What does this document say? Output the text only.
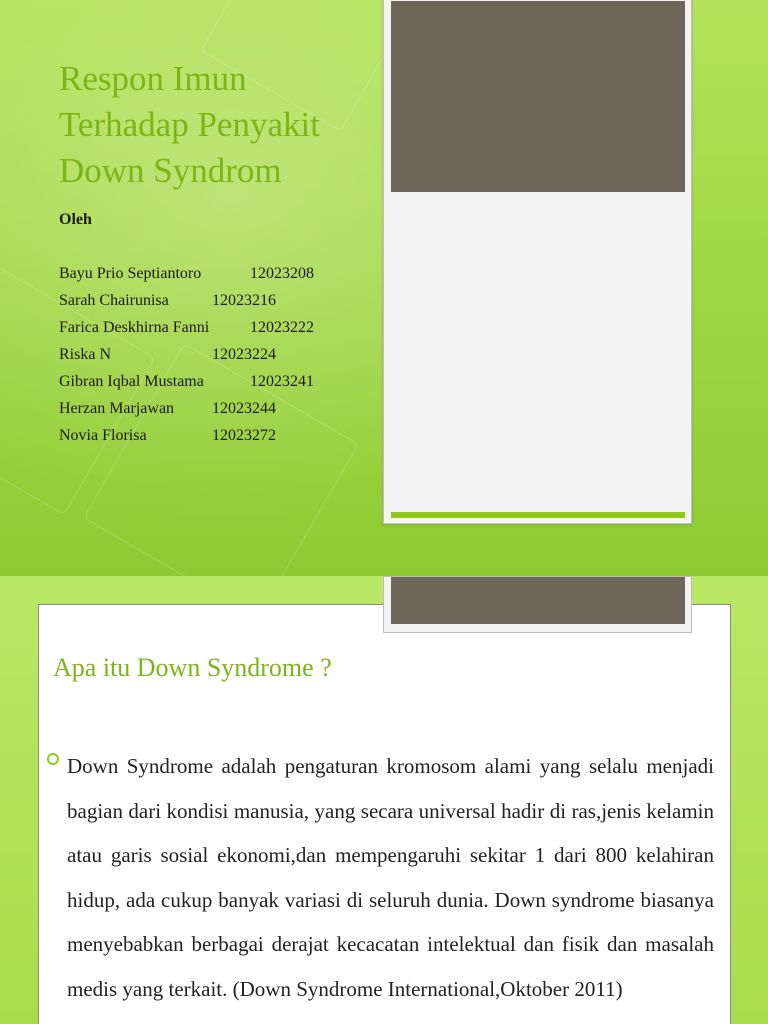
Respon Imun Terhadap Penyakit Down Syndrom

Oleh

Bayu Prio Septiantoro	12023208
Sarah Chairunisa	12023216
Farica Deskhirna Fanni	12023222
Riska N	12023224
Gibran Iqbal Mustama	12023241
Herzan Marjawan 12023244
Novia Florisa	12023272
Apa itu Down Syndrome ?

Down Syndrome adalah pengaturan kromosom alami yang selalu menjadi bagian dari kondisi manusia, yang secara universal hadir di ras,jenis kelamin atau garis sosial ekonomi,dan mempengaruhi sekitar 1 dari 800 kelahiran hidup, ada cukup banyak variasi di seluruh dunia. Down syndrome biasanya menyebabkan berbagai derajat kecacatan intelektual dan fisik dan masalah medis yang terkait. (Down Syndrome International,Oktober 2011)
